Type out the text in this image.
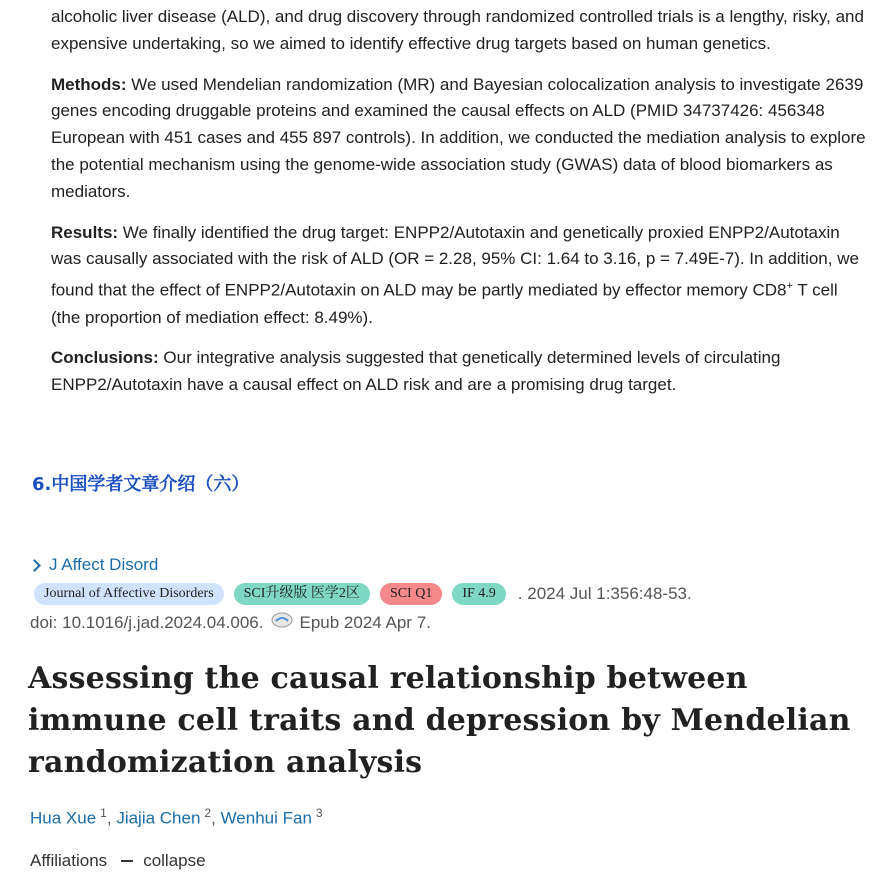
alcoholic liver disease (ALD), and drug discovery through randomized controlled trials is a lengthy, risky, and expensive undertaking, so we aimed to identify effective drug targets based on human genetics.

Methods: We used Mendelian randomization (MR) and Bayesian colocalization analysis to investigate 2639 genes encoding druggable proteins and examined the causal effects on ALD (PMID 34737426: 456348 European with 451 cases and 455 897 controls). In addition, we conducted the mediation analysis to explore the potential mechanism using the genome-wide association study (GWAS) data of blood biomarkers as mediators.

Results: We finally identified the drug target: ENPP2/Autotaxin and genetically proxied ENPP2/Autotaxin was causally associated with the risk of ALD (OR = 2.28, 95% CI: 1.64 to 3.16, p = 7.49E-7). In addition, we found that the effect of ENPP2/Autotaxin on ALD may be partly mediated by effector memory CD8+ T cell (the proportion of mediation effect: 8.49%).

Conclusions: Our integrative analysis suggested that genetically determined levels of circulating ENPP2/Autotaxin have a causal effect on ALD risk and are a promising drug target.

6.中国学者文章介绍（六）
J Affect Disord
Journal of Affective Disorders	SCI升级版 医学2区	SCI Q1	IF 4.9	. 2024 Jul 1:356:48-53.
doi: 10.1016/j.jad.2024.04.006. Epub 2024 Apr 7.
Assessing the causal relationship between immune cell traits and depression by Mendelian randomization analysis
Hua Xue $^1$, Jiajia Chen $^2$, Wenhui Fan $^3$
Affiliations collapse
